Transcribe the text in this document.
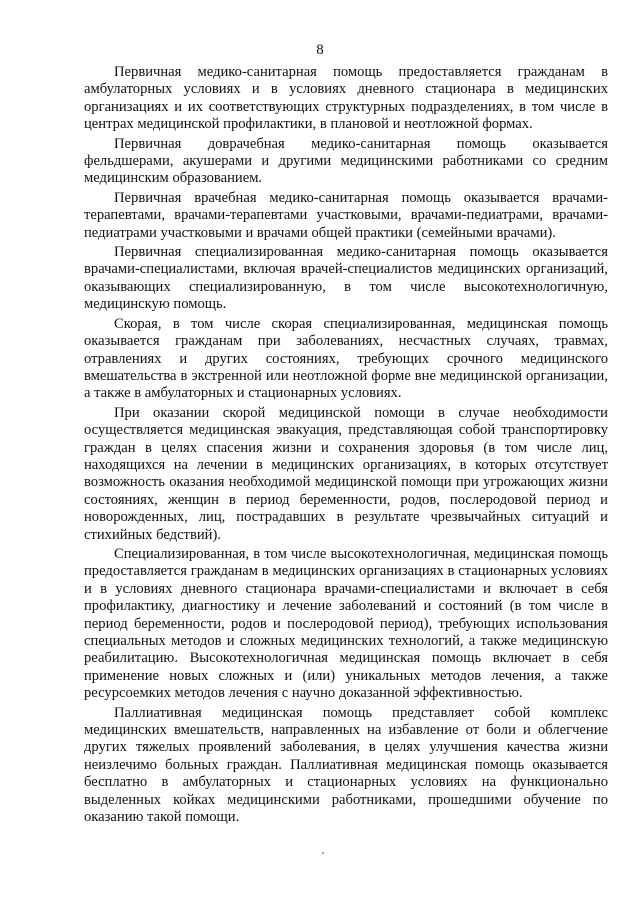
8

Первичная медико-санитарная помощь предоставляется гражданам в амбулаторных условиях и в условиях дневного стационара в медицинских организациях и их соответствующих структурных подразделениях, в том числе в центрах медицинской профилактики, в плановой и неотложной формах.

Первичная доврачебная медико-санитарная помощь оказывается фельдшерами, акушерами и другими медицинскими работниками со средним медицинским образованием.

Первичная врачебная медико-санитарная помощь оказывается врачами-терапевтами, врачами-терапевтами участковыми, врачами-педиатрами, врачами-педиатрами участковыми и врачами общей практики (семейными врачами).

Первичная специализированная медико-санитарная помощь оказывается врачами-специалистами, включая врачей-специалистов медицинских организаций, оказывающих специализированную, в том числе высокотехнологичную, медицинскую помощь.

Скорая, в том числе скорая специализированная, медицинская помощь оказывается гражданам при заболеваниях, несчастных случаях, травмах, отравлениях и других состояниях, требующих срочного медицинского вмешательства в экстренной или неотложной форме вне медицинской организации, а также в амбулаторных и стационарных условиях.

При оказании скорой медицинской помощи в случае необходимости осуществляется медицинская эвакуация, представляющая собой транспортировку граждан в целях спасения жизни и сохранения здоровья (в том числе лиц, находящихся на лечении в медицинских организациях, в которых отсутствует возможность оказания необходимой медицинской помощи при угрожающих жизни состояниях, женщин в период беременности, родов, послеродовой период и новорожденных, лиц, пострадавших в результате чрезвычайных ситуаций и стихийных бедствий).

Специализированная, в том числе высокотехнологичная, медицинская помощь предоставляется гражданам в медицинских организациях в стационарных условиях и в условиях дневного стационара врачами-специалистами и включает в себя профилактику, диагностику и лечение заболеваний и состояний (в том числе в период беременности, родов и послеродовой период), требующих использования специальных методов и сложных медицинских технологий, а также медицинскую реабилитацию. Высокотехнологичная медицинская помощь включает в себя применение новых сложных и (или) уникальных методов лечения, а также ресурсоемких методов лечения с научно доказанной эффективностью.

Паллиативная медицинская помощь представляет собой комплекс медицинских вмешательств, направленных на избавление от боли и облегчение других тяжелых проявлений заболевания, в целях улучшения качества жизни неизлечимо больных граждан. Паллиативная медицинская помощь оказывается бесплатно в амбулаторных и стационарных условиях на функционально выделенных койках медицинскими работниками, прошедшими обучение по оказанию такой помощи.
